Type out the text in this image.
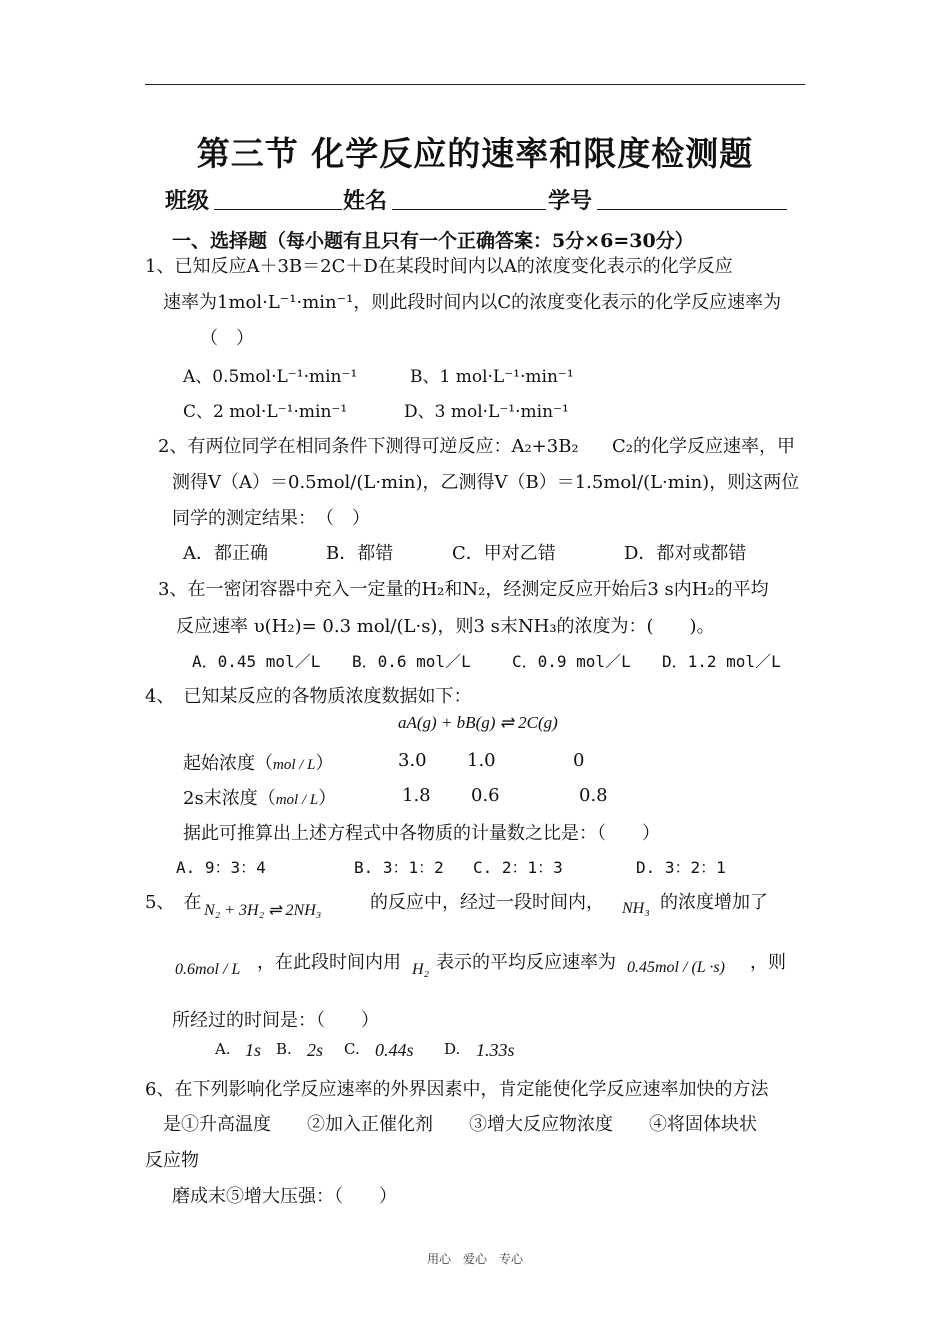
第三节 化学反应的速率和限度检测题
班级	姓名	学号
一、选择题（每小题有且只有一个正确答案：5分×6=30分）
1、已知反应A＋3B＝2C＋D在某段时间内以A的浓度变化表示的化学反应
速率为1mol·L⁻¹·min⁻¹，则此段时间内以C的浓度变化表示的化学反应速率为
（　）
A、0.5mol·L⁻¹·min⁻¹	B、1 mol·L⁻¹·min⁻¹
C、2 mol·L⁻¹·min⁻¹	D、3 mol·L⁻¹·min⁻¹
2、有两位同学在相同条件下测得可逆反应：A₂+3B₂ C₂的化学反应速率，甲
测得V（A）＝0.5mol/(L·min)，乙测得V（B）＝1.5mol/(L·min)，则这两位
同学的测定结果：　（　）
A．都正确	B．都错	C．甲对乙错	D．都对或都错
3、在一密闭容器中充入一定量的H₂和N₂，经测定反应开始后3 s内H₂的平均
反应速率 υ(H₂)= 0.3 mol/(L·s)，则3 s末NH₃的浓度为：(　　)。
A．0.45 mol／L B．0.6 mol／L	C．0.9 mol／L D．1.2 mol／L
4、　已知某反应的各物质浓度数据如下：
aA(g) + bB(g) ⇌ 2C(g)
起始浓度（mol / L）	3.0 1.0	0
2s末浓度（mol / L）	1.8 0.6	0.8
据此可推算出上述方程式中各物质的计量数之比是：（　　）
A. 9：3：4	B. 3：1：2 C. 2：1：3	D. 3：2：1
5、　在 N₂ + 3H₂ ⇌ 2NH₃	的反应中，经过一段时间内， NH₃ 的浓度增加了
0.6mol / L ，在此段时间内用 H₂ 表示的平均反应速率为 0.45mol / (L ·s) ，则
所经过的时间是：（　　）
A. 1s B. 2s C. 0.44s D. 1.33s
6、在下列影响化学反应速率的外界因素中，肯定能使化学反应速率加快的方法
是①升高温度　　②加入正催化剂　　③增大反应物浓度　　④将固体块状
反应物
磨成末⑤增大压强：（　　）
用心　爱心　专心
